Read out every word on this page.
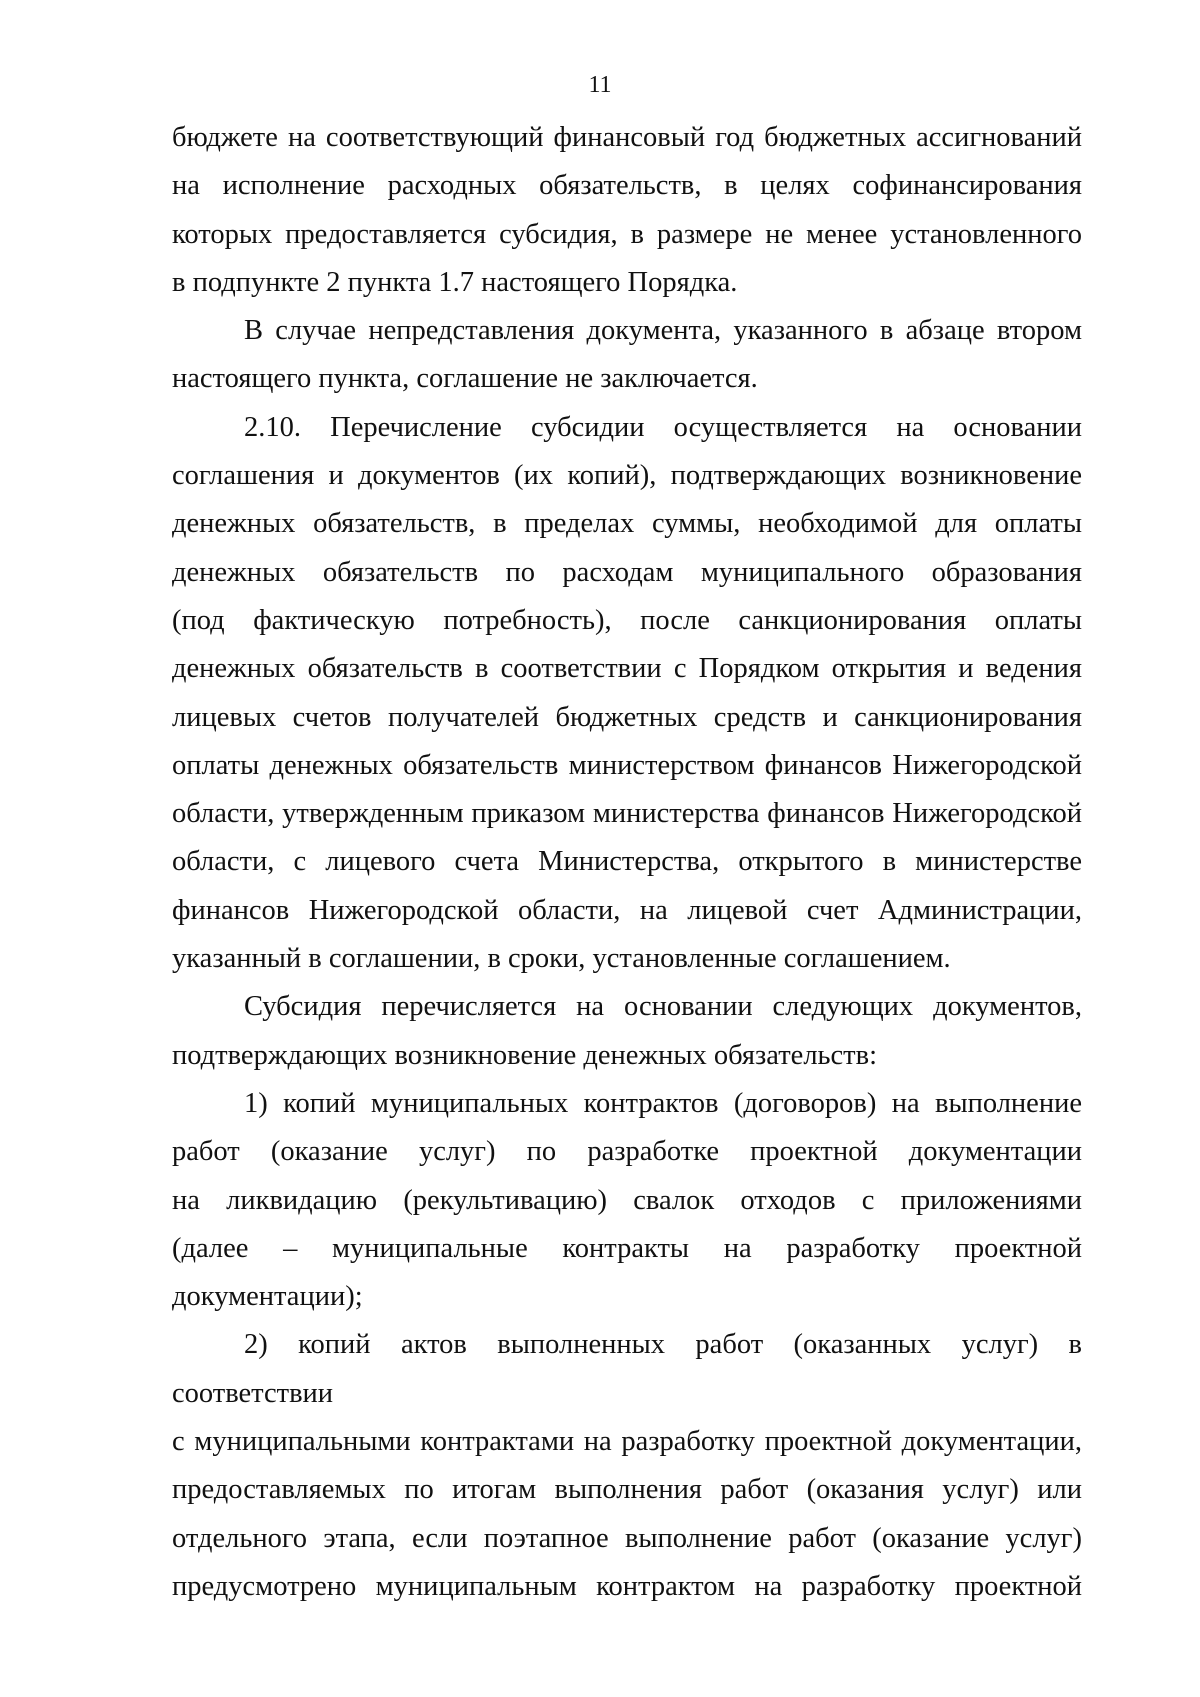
11
бюджете на соответствующий финансовый год бюджетных ассигнований
на исполнение расходных обязательств, в целях софинансирования
которых предоставляется субсидия, в размере не менее установленного
в подпункте 2 пункта 1.7 настоящего Порядка.
В случае непредставления документа, указанного в абзаце втором
настоящего пункта, соглашение не заключается.
2.10. Перечисление субсидии осуществляется на основании
соглашения и документов (их копий), подтверждающих возникновение
денежных обязательств, в пределах суммы, необходимой для оплаты
денежных обязательств по расходам муниципального образования
(под фактическую потребность), после санкционирования оплаты
денежных обязательств в соответствии с Порядком открытия и ведения
лицевых счетов получателей бюджетных средств и санкционирования
оплаты денежных обязательств министерством финансов Нижегородской
области, утвержденным приказом министерства финансов Нижегородской
области, с лицевого счета Министерства, открытого в министерстве
финансов Нижегородской области, на лицевой счет Администрации,
указанный в соглашении, в сроки, установленные соглашением.
Субсидия перечисляется на основании следующих документов,
подтверждающих возникновение денежных обязательств:
1) копий муниципальных контрактов (договоров) на выполнение
работ (оказание услуг) по разработке проектной документации
на ликвидацию (рекультивацию) свалок отходов с приложениями
(далее – муниципальные контракты на разработку проектной
документации);
2) копий актов выполненных работ (оказанных услуг) в соответствии
с муниципальными контрактами на разработку проектной документации,
предоставляемых по итогам выполнения работ (оказания услуг) или
отдельного этапа, если поэтапное выполнение работ (оказание услуг)
предусмотрено муниципальным контрактом на разработку проектной
